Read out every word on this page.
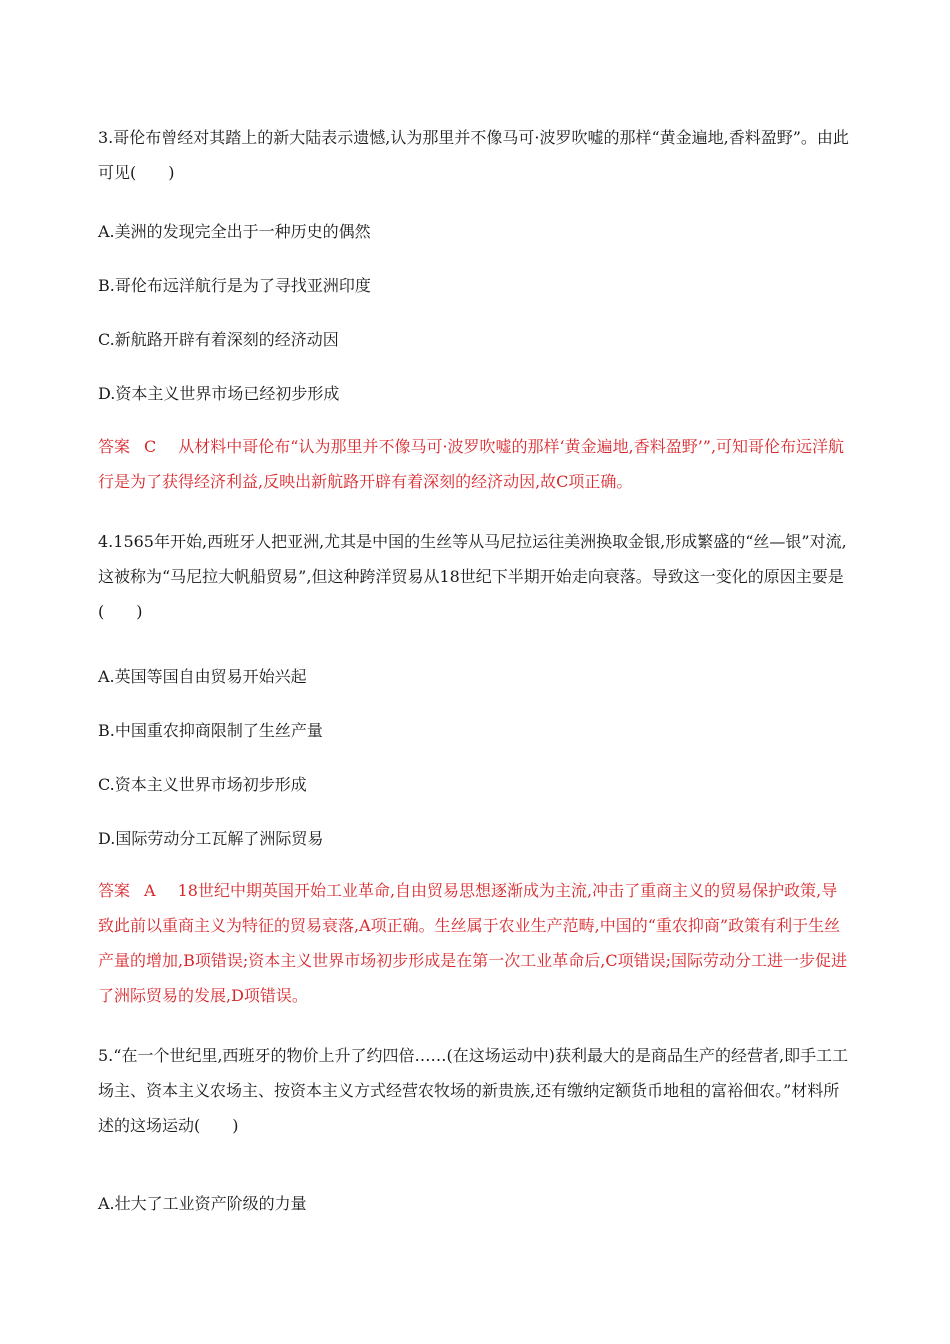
3.哥伦布曾经对其踏上的新大陆表示遗憾,认为那里并不像马可·波罗吹嘘的那样“黄金遍地,香料盈野”。由此可见(　　)

A.美洲的发现完全出于一种历史的偶然

B.哥伦布远洋航行是为了寻找亚洲印度

C.新航路开辟有着深刻的经济动因

D.资本主义世界市场已经初步形成

答案 C 从材料中哥伦布“认为那里并不像马可·波罗吹嘘的那样‘黄金遍地,香料盈野’”,可知哥伦布远洋航行是为了获得经济利益,反映出新航路开辟有着深刻的经济动因,故C项正确。

4.1565年开始,西班牙人把亚洲,尤其是中国的生丝等从马尼拉运往美洲换取金银,形成繁盛的“丝—银”对流,这被称为“马尼拉大帆船贸易”,但这种跨洋贸易从18世纪下半期开始走向衰落。导致这一变化的原因主要是(　　)

A.英国等国自由贸易开始兴起

B.中国重农抑商限制了生丝产量

C.资本主义世界市场初步形成

D.国际劳动分工瓦解了洲际贸易

答案 A 18世纪中期英国开始工业革命,自由贸易思想逐渐成为主流,冲击了重商主义的贸易保护政策,导致此前以重商主义为特征的贸易衰落,A项正确。生丝属于农业生产范畴,中国的“重农抑商”政策有利于生丝产量的增加,B项错误;资本主义世界市场初步形成是在第一次工业革命后,C项错误;国际劳动分工进一步促进了洲际贸易的发展,D项错误。

5.“在一个世纪里,西班牙的物价上升了约四倍……(在这场运动中)获利最大的是商品生产的经营者,即手工工场主、资本主义农场主、按资本主义方式经营农牧场的新贵族,还有缴纳定额货币地租的富裕佃农。”材料所述的这场运动(　　)

A.壮大了工业资产阶级的力量
